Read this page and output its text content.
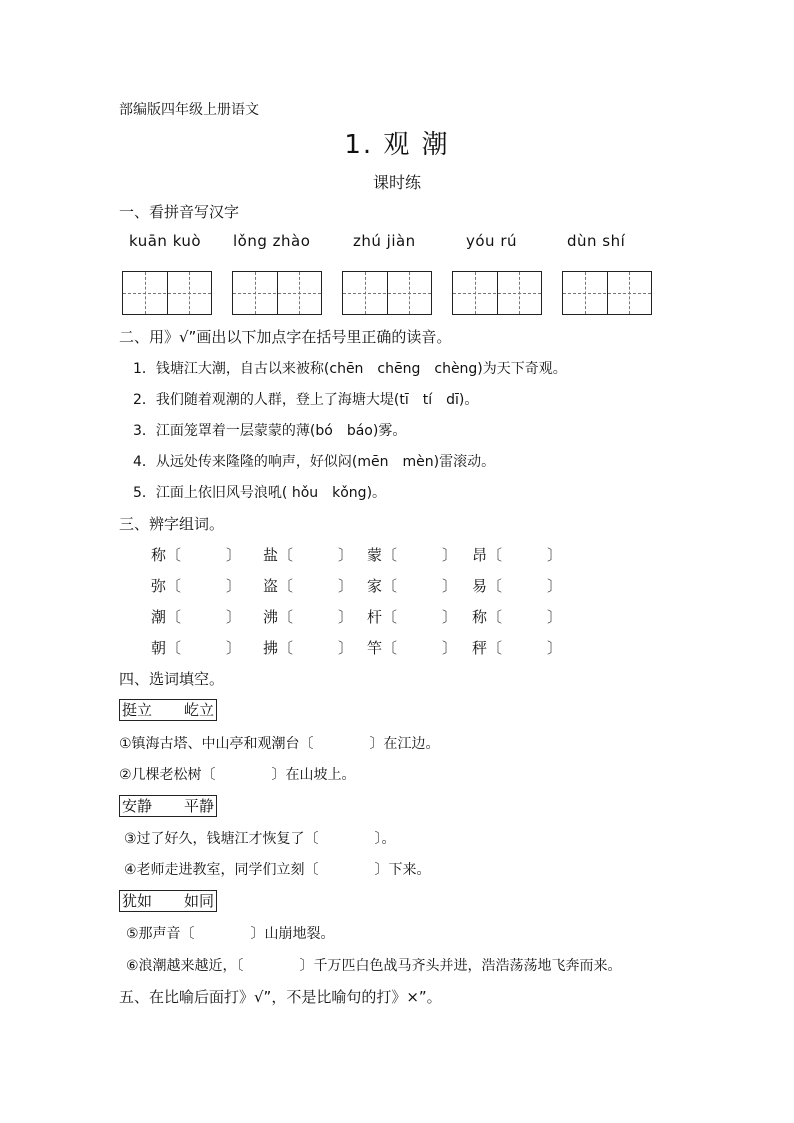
部编版四年级上册语文
1. 观 潮
课时练
一、看拼音写汉字
kuān kuò lǒng zhào	zhú jiàn	yóu rú	dùn shí
二、用》√”画出以下加点字在括号里正确的读音。
1．钱塘江大潮，自古以来被称(chēn　chēng　chèng)为天下奇观。
2．我们随着观潮的人群，登上了海塘大堤(tī　tí　dī)。
3．江面笼罩着一层蒙蒙的薄(bó　báo)雾。
4．从远处传来隆隆的响声，好似闷(mēn　mèn)雷滚动。
5．江面上依旧风号浪吼( hǒu　kǒng)。
三、辨字组词。
称〔　　　〕 盐〔　　　〕 蒙〔　　　〕 昂〔　　　〕
弥〔　　　〕 盗〔　　　〕 家〔　　　〕 易〔　　　〕
潮〔　　　〕 沸〔　　　〕 杆〔　　　〕 称〔　　　〕
朝〔　　　〕 拂〔　　　〕 竿〔　　　〕 秤〔　　　〕
四、选词填空。
挺立 屹立
①镇海古塔、中山亭和观潮台〔　　　　〕在江边。
②几棵老松树〔　　　　〕在山坡上。
安静 平静
③过了好久，钱塘江才恢复了〔　　　　〕。
④老师走进教室，同学们立刻〔　　　　〕下来。
犹如 如同
⑤那声音〔　　　　〕山崩地裂。
⑥浪潮越来越近，〔　　　　〕千万匹白色战马齐头并进，浩浩荡荡地飞奔而来。
五、在比喻后面打》√”，不是比喻句的打》×”。
